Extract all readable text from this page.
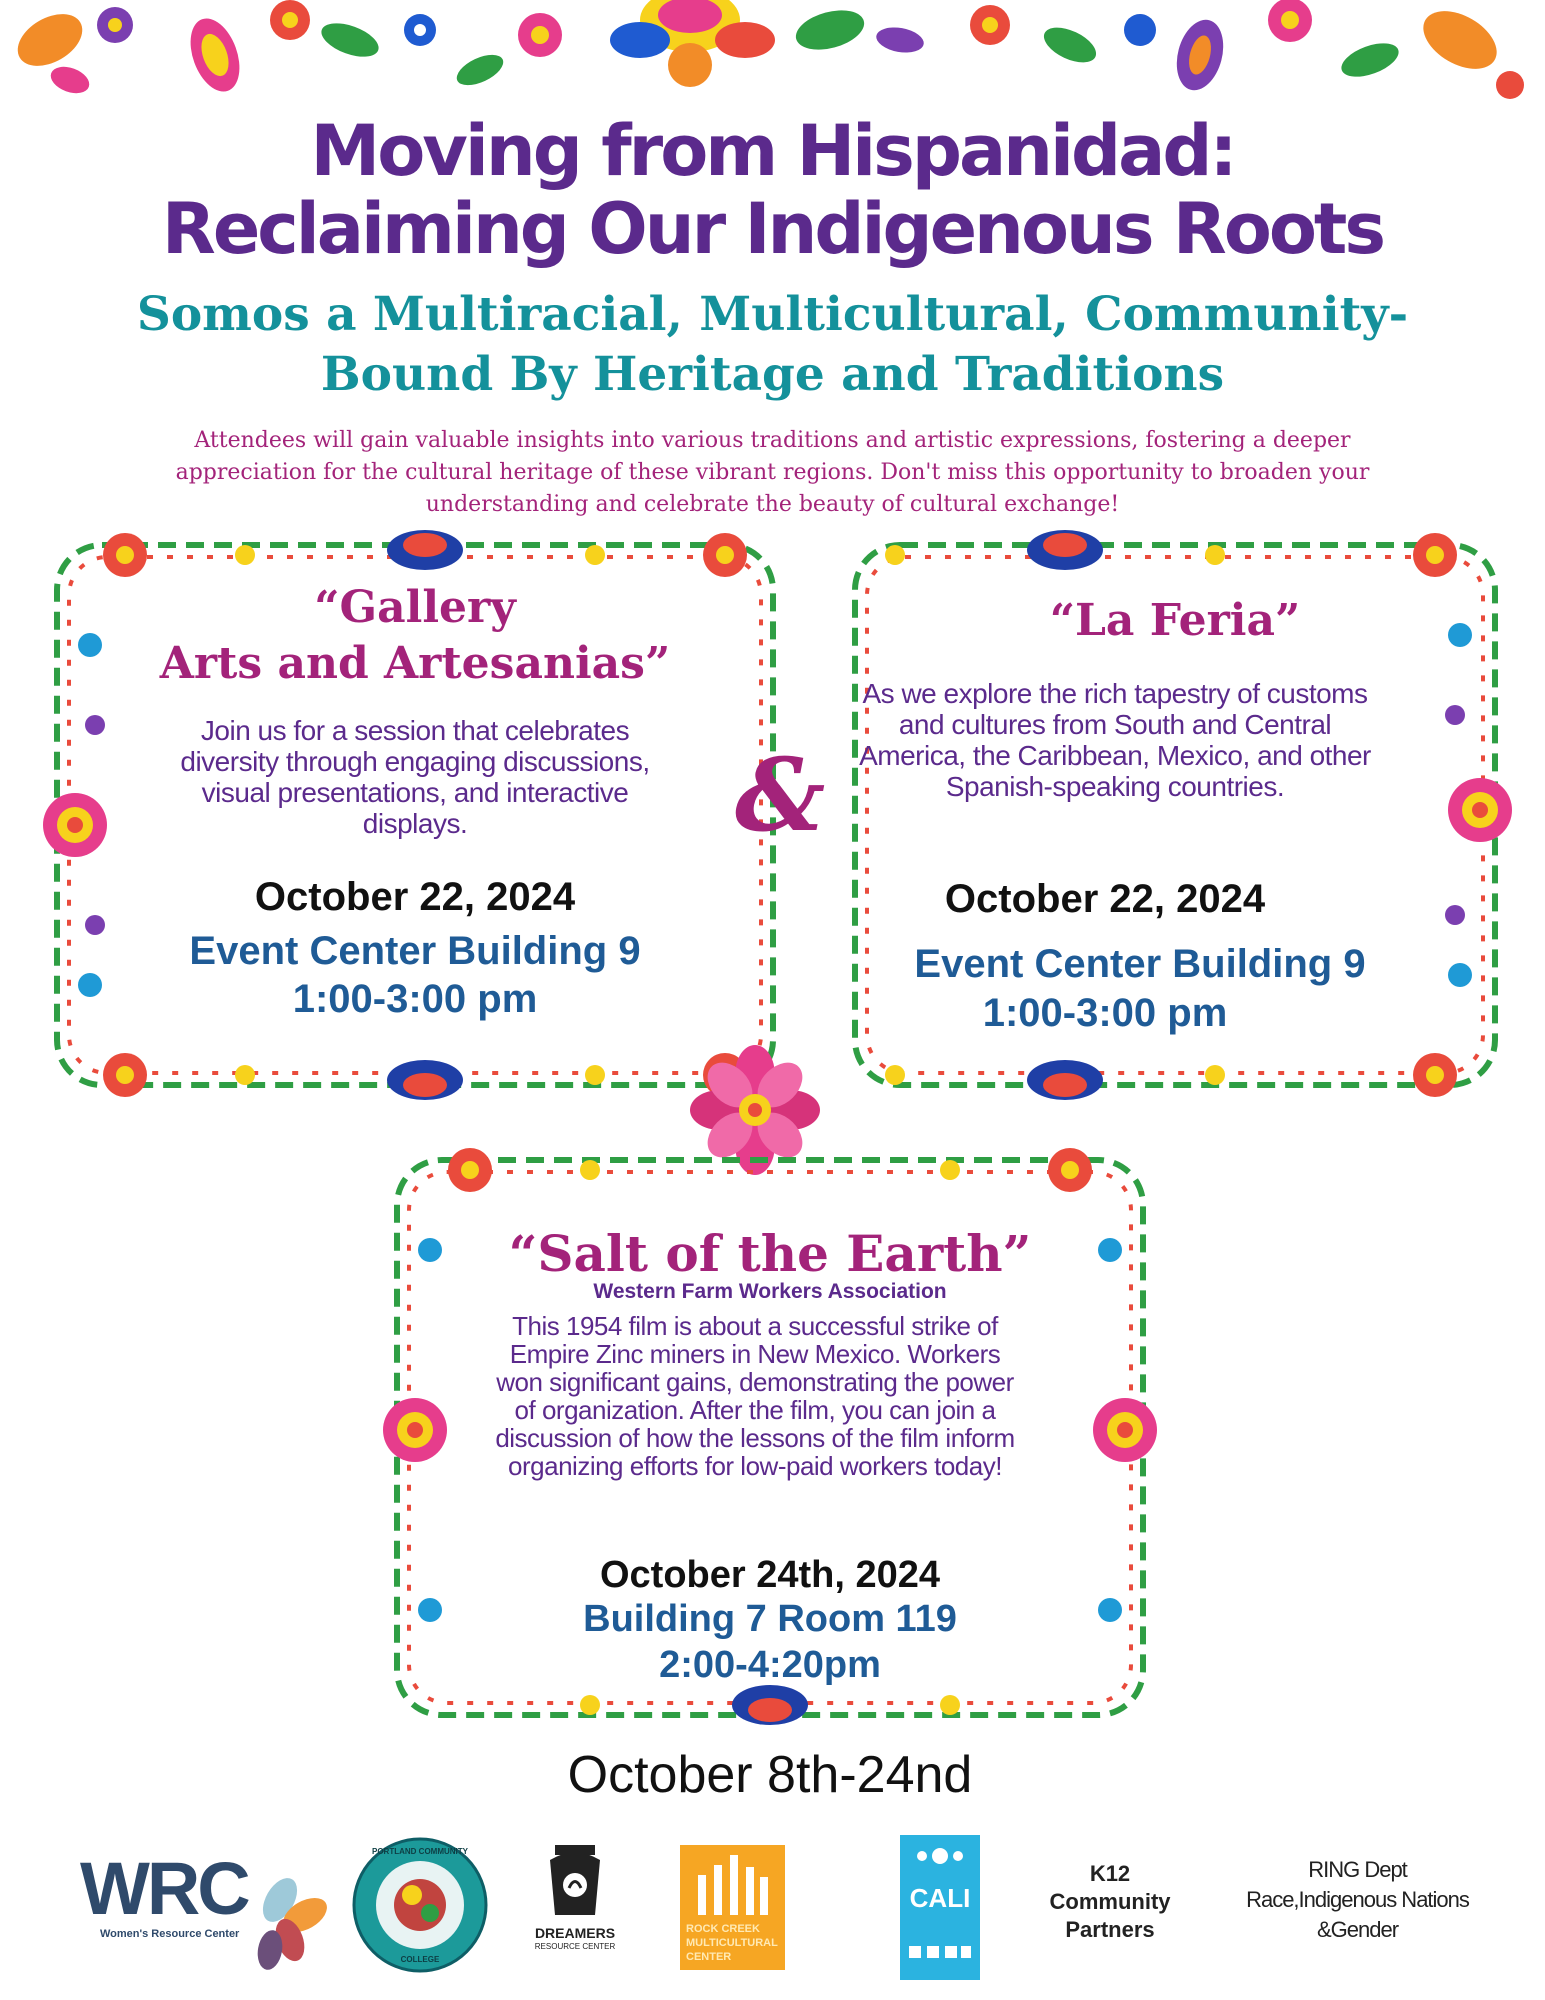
Moving from Hispanidad: Reclaiming Our Indigenous Roots
Somos a Multiracial, Multicultural, Community- Bound By Heritage and Traditions
Attendees will gain valuable insights into various traditions and artistic expressions, fostering a deeper appreciation for the cultural heritage of these vibrant regions. Don't miss this opportunity to broaden your understanding and celebrate the beauty of cultural exchange!
“Gallery
Arts and Artesanias”
Join us for a session that celebrates diversity through engaging discussions, visual presentations, and interactive displays.
October 22, 2024
Event Center Building 9
1:00-3:00 pm
&
“La Feria”
As we explore the rich tapestry of customs and cultures from South and Central America, the Caribbean, Mexico, and other Spanish-speaking countries.
October 22, 2024
Event Center Building 9
1:00-3:00 pm
“Salt of the Earth”
Western Farm Workers Association
This 1954 film is about a successful strike of Empire Zinc miners in New Mexico. Workers won significant gains, demonstrating the power of organization. After the film, you can join a discussion of how the lessons of the film inform organizing efforts for low-paid workers today!
October 24th, 2024
Building 7 Room 119
2:00-4:20pm
October 8th-24nd
WRC
Women's Resource Center
PORTLAND COMMUNITY
COLLEGE
DREAMERS
RESOURCE CENTER
ROCK CREEK
MULTICULTURAL
CENTER
CALI
K12
Community
Partners
RING Dept
Race,Indigenous Nations
&Gender
